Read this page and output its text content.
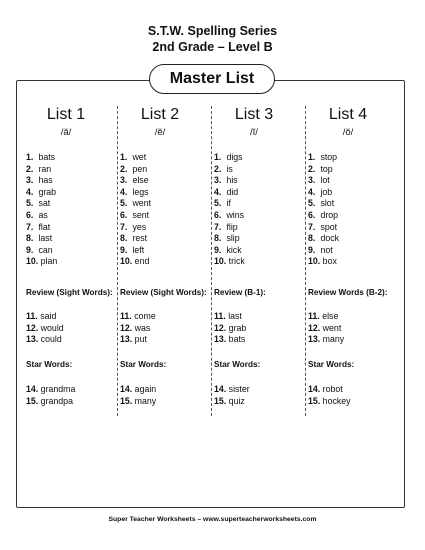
S.T.W. Spelling Series
2nd Grade – Level B
Master List
List 1
/ă/
1. bats
2. ran
3. has
4. grab
5. sat
6. as
7. flat
8. last
9. can
10. plan
Review (Sight Words):
11. said
12. would
13. could
Star Words:
14. grandma
15. grandpa
List 2
/ĕ/
1. wet
2. pen
3. else
4. legs
5. went
6. sent
7. yes
8. rest
9. left
10. end
Review (Sight Words):
11. come
12. was
13. put
Star Words:
14. again
15. many
List 3
/ĭ/
1. digs
2. is
3. his
4. did
5. if
6. wins
7. flip
8. slip
9. kick
10. trick
Review (B-1):
11. last
12. grab
13. bats
Star Words:
14. sister
15. quiz
List 4
/ŏ/
1. stop
2. top
3. lot
4. job
5. slot
6. drop
7. spot
8. dock
9. not
10. box
Review Words (B-2):
11. else
12. went
13. many
Star Words:
14. robot
15. hockey
Super Teacher Worksheets – www.superteacherworksheets.com
